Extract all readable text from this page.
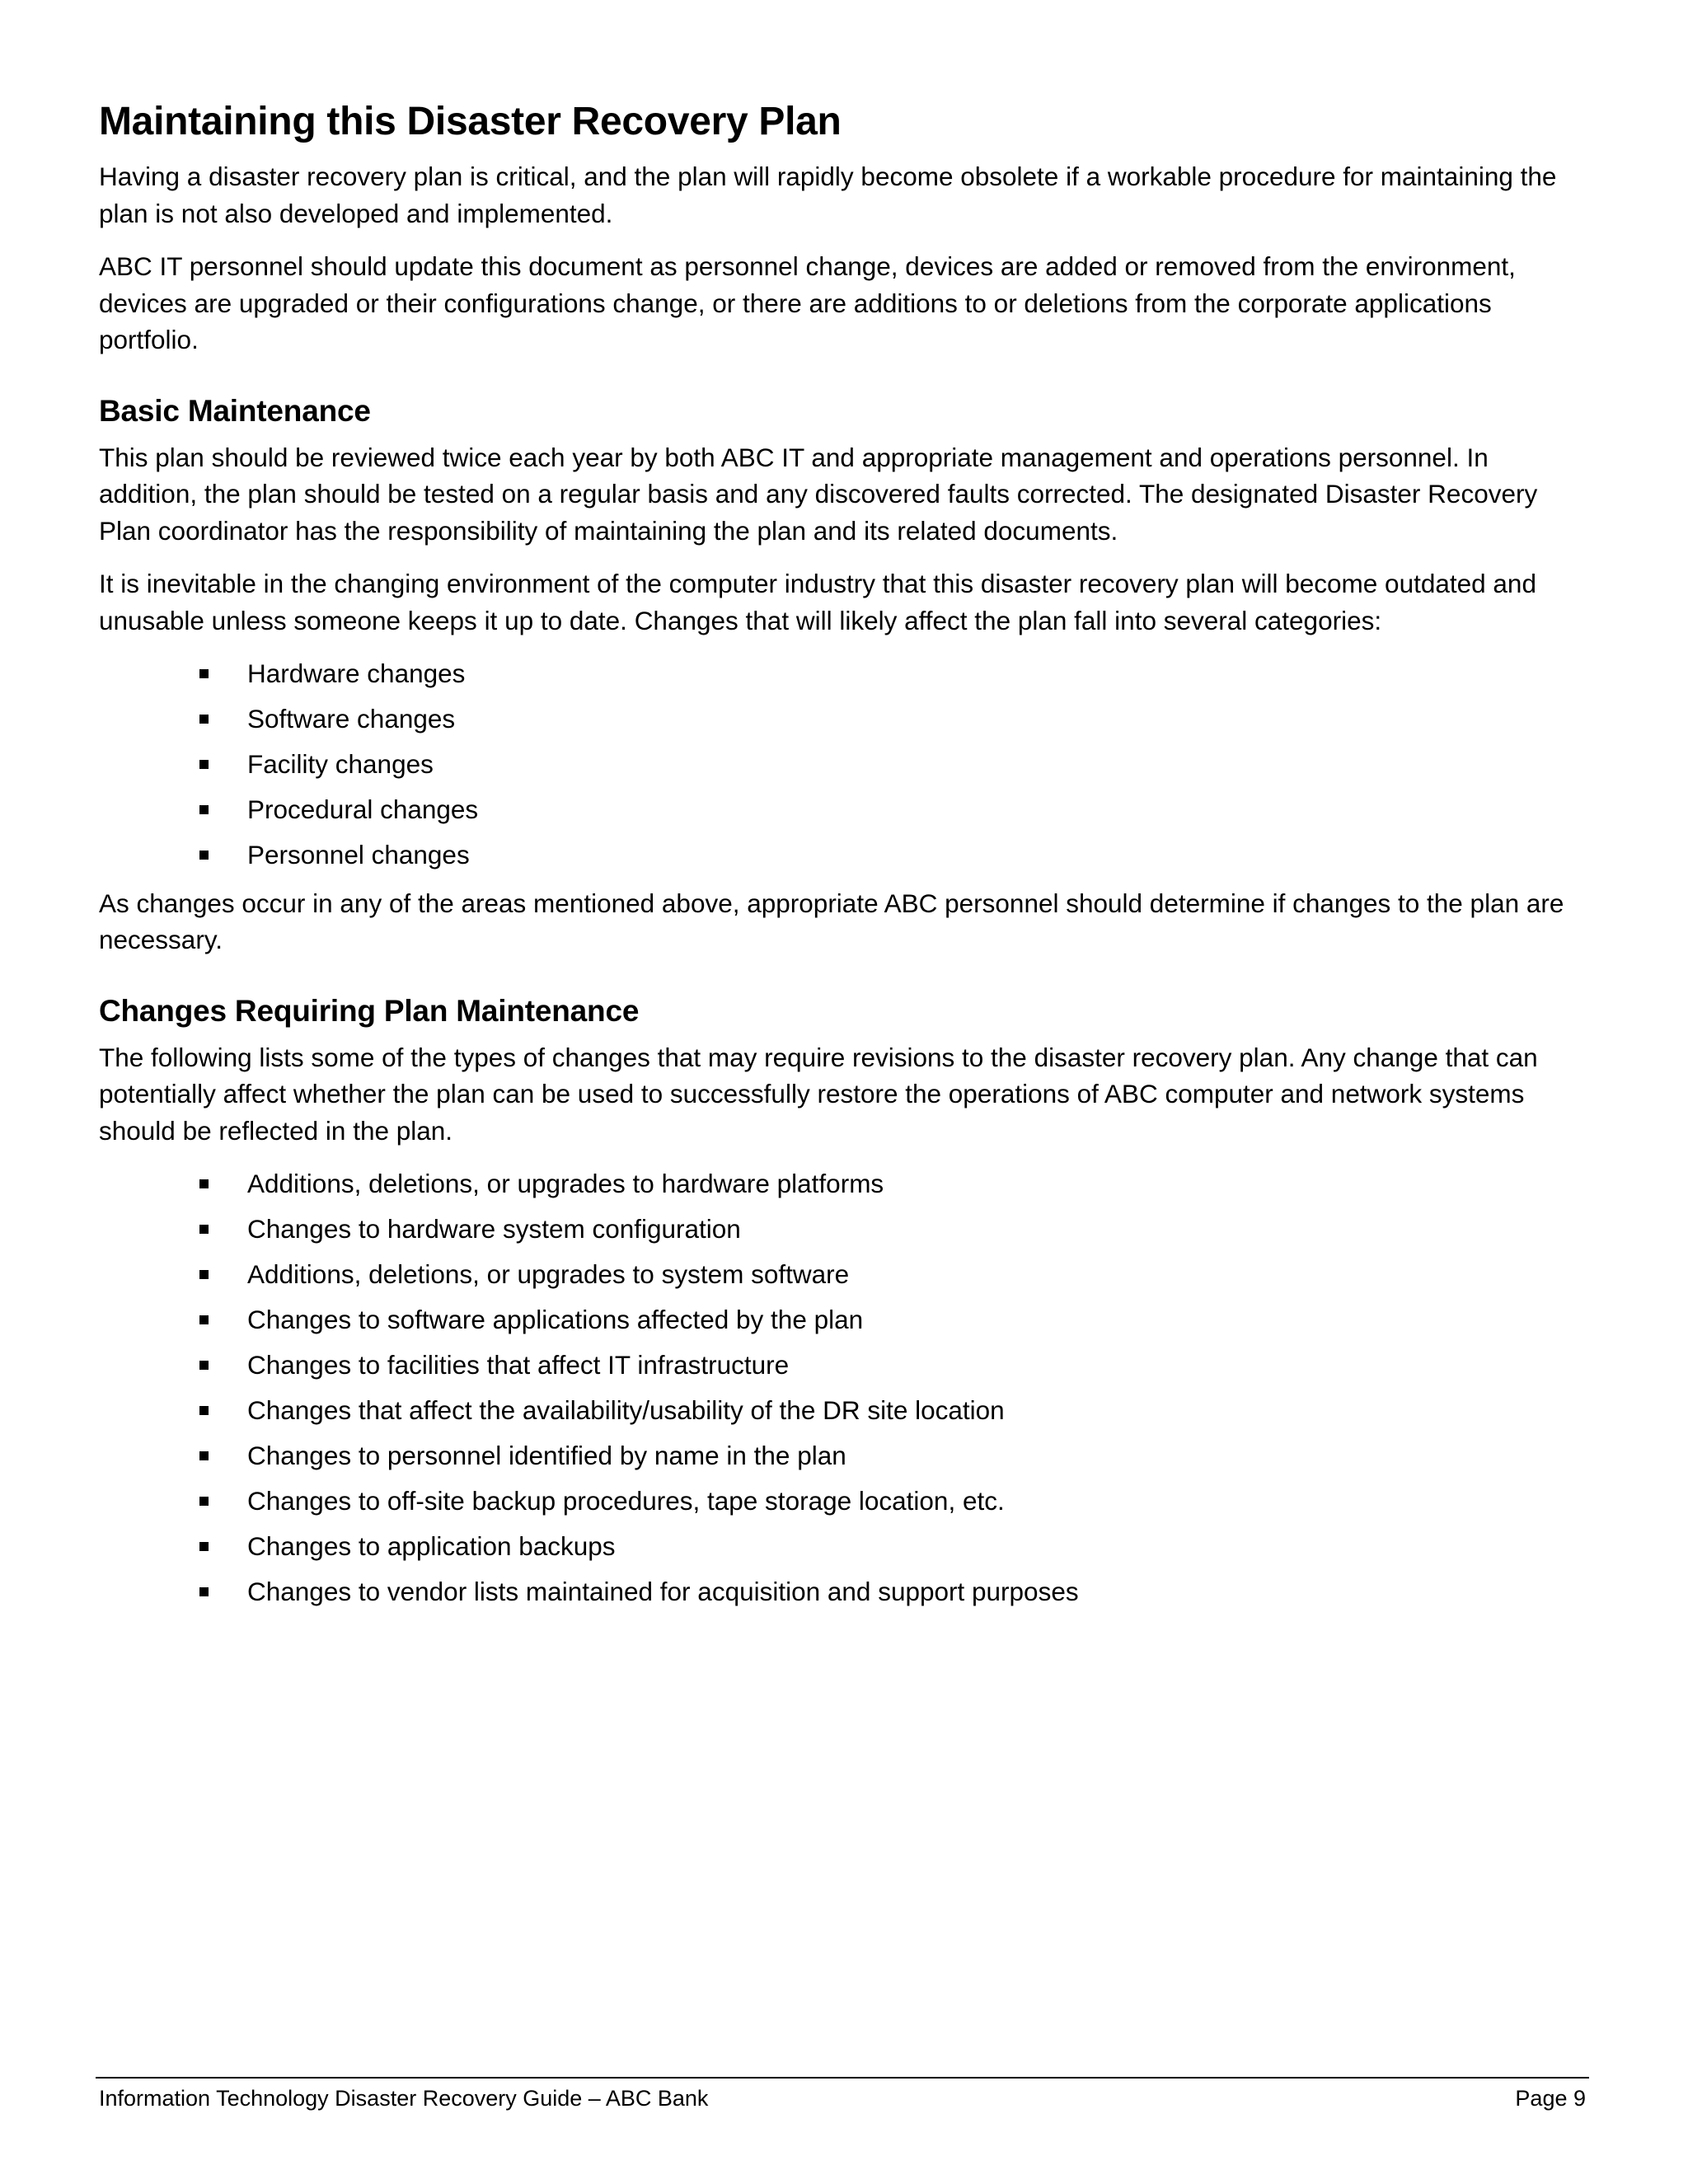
Maintaining this Disaster Recovery Plan

Having a disaster recovery plan is critical, and the plan will rapidly become obsolete if a workable procedure for maintaining the plan is not also developed and implemented.

ABC IT personnel should update this document as personnel change, devices are added or removed from the environment, devices are upgraded or their configurations change, or there are additions to or deletions from the corporate applications portfolio.

Basic Maintenance

This plan should be reviewed twice each year by both ABC IT and appropriate management and operations personnel. In addition, the plan should be tested on a regular basis and any discovered faults corrected. The designated Disaster Recovery Plan coordinator has the responsibility of maintaining the plan and its related documents.

It is inevitable in the changing environment of the computer industry that this disaster recovery plan will become outdated and unusable unless someone keeps it up to date. Changes that will likely affect the plan fall into several categories:

Hardware changes
Software changes
Facility changes
Procedural changes
Personnel changes

As changes occur in any of the areas mentioned above, appropriate ABC personnel should determine if changes to the plan are necessary.

Changes Requiring Plan Maintenance

The following lists some of the types of changes that may require revisions to the disaster recovery plan. Any change that can potentially affect whether the plan can be used to successfully restore the operations of ABC computer and network systems should be reflected in the plan.

Additions, deletions, or upgrades to hardware platforms
Changes to hardware system configuration
Additions, deletions, or upgrades to system software
Changes to software applications affected by the plan
Changes to facilities that affect IT infrastructure
Changes that affect the availability/usability of the DR site location
Changes to personnel identified by name in the plan
Changes to off-site backup procedures, tape storage location, etc.
Changes to application backups
Changes to vendor lists maintained for acquisition and support purposes
Information Technology Disaster Recovery Guide – ABC Bank	Page 9
